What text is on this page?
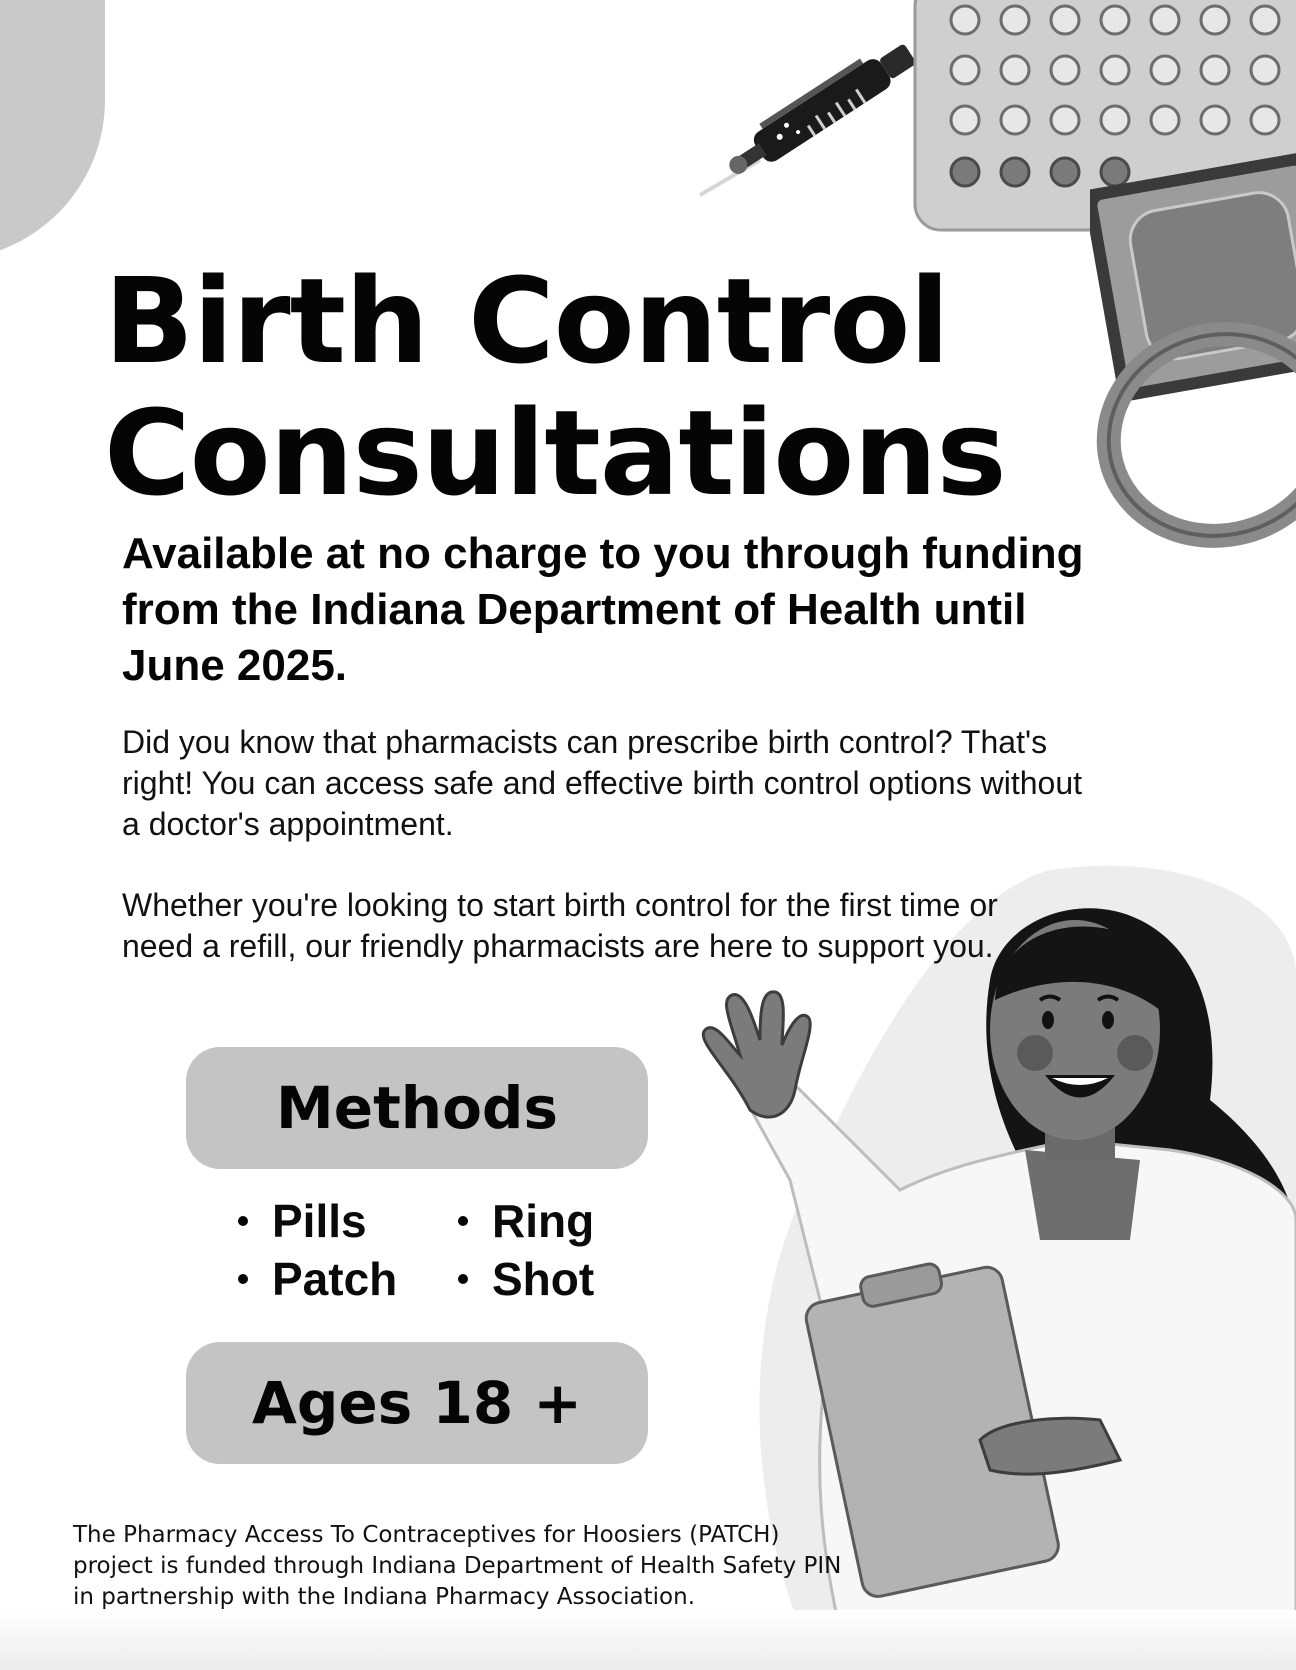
Birth Control
Consultations

Available at no charge to you through funding from the Indiana Department of Health until June 2025.

Did you know that pharmacists can prescribe birth control? That's right! You can access safe and effective birth control options without a doctor's appointment.

Whether you're looking to start birth control for the first time or need a refill, our friendly pharmacists are here to support you.

Methods
Pills	Ring
Patch Shot
Ages 18 +

The Pharmacy Access To Contraceptives for Hoosiers (PATCH) project is funded through Indiana Department of Health Safety PIN in partnership with the Indiana Pharmacy Association.
